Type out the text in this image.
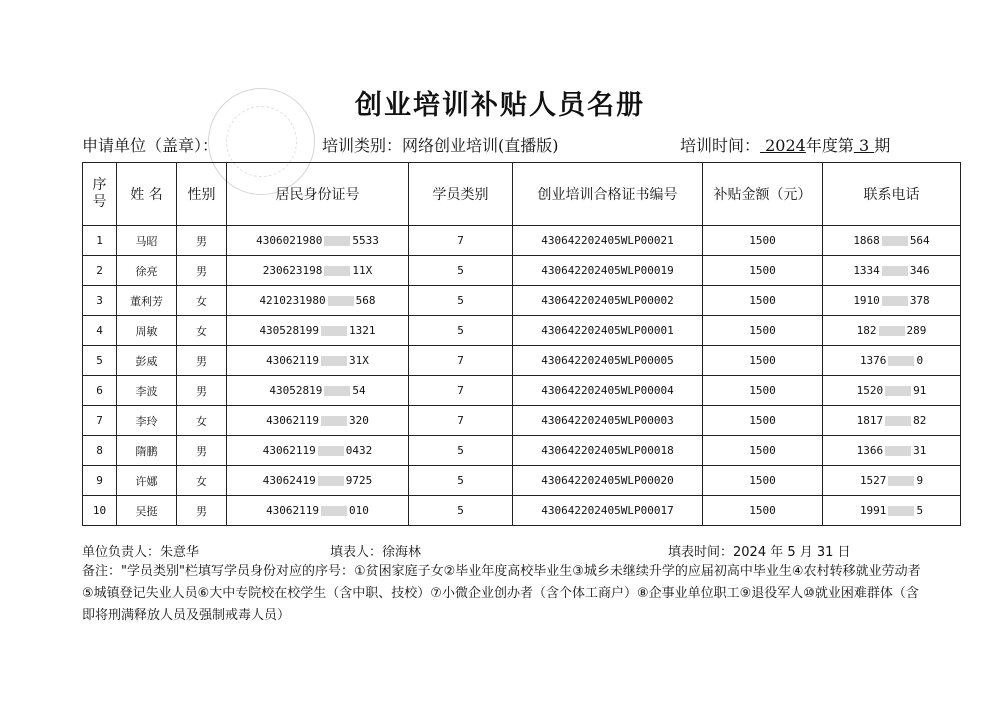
创业培训补贴人员名册
申请单位（盖章）：	培训类别：网络创业培训(直播版)	培训时间： 2024年度第 3 期
序
号	姓 名	性别	居民身份证号	学员类别	创业培训合格证书编号	补贴金额（元）	联系电话
1	马昭	男	4306021980 5533	7	430642202405WLP00021	1500	1868 564
2	徐亮	男	230623198 11X	5	430642202405WLP00019	1500	1334 346
3	董利芳	女	4210231980 568	5	430642202405WLP00002	1500	1910 378
4	周敏	女	430528199 1321	5	430642202405WLP00001	1500	182 289
5	彭威	男	43062119 31X	7	430642202405WLP00005	1500	1376 0
6	李波	男	43052819 54	7	430642202405WLP00004	1500	1520 91
7	李玲	女	43062119 320	7	430642202405WLP00003	1500	1817 82
8	隋鹏	男	43062119 0432	5	430642202405WLP00018	1500	1366 31
9	许娜	女	43062419 9725	5	430642202405WLP00020	1500	1527 9
10	吴挺	男	43062119 010	5	430642202405WLP00017	1500	1991 5
单位负责人：朱意华	填表人：徐海林	填表时间：2024 年 5 月 31 日
备注："学员类别"栏填写学员身份对应的序号：①贫困家庭子女②毕业年度高校毕业生③城乡未继续升学的应届初高中毕业生④农村转移就业劳动者⑤城镇登记失业人员⑥大中专院校在校学生（含中职、技校）⑦小微企业创办者（含个体工商户）⑧企事业单位职工⑨退役军人⑩就业困难群体（含即将刑满释放人员及强制戒毒人员）
